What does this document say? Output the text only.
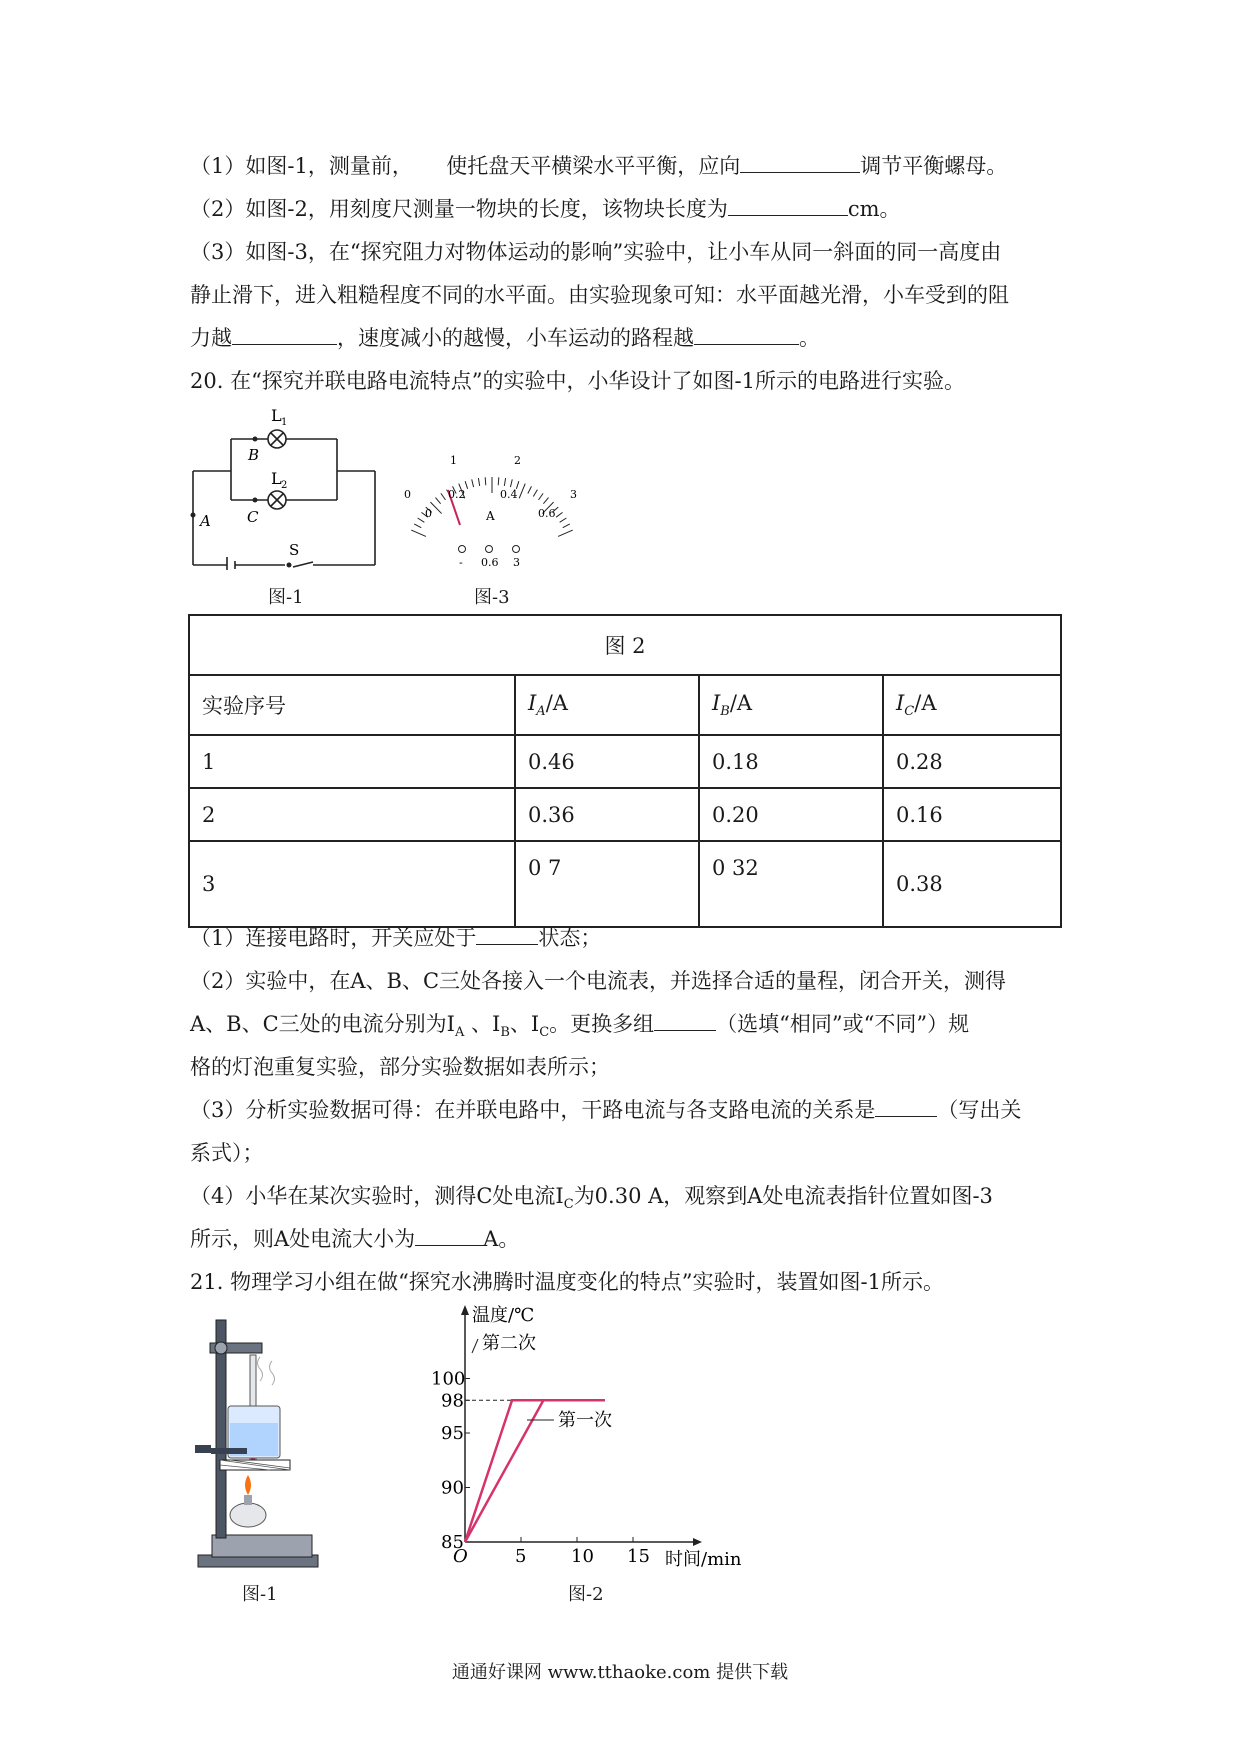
（1）如图-1，测量前， 使托盘天平横梁水平平衡，应向	调节平衡螺母。
（2）如图-2，用刻度尺测量一物块的长度，该物块长度为	cm。
（3）如图-3，在“探究阻力对物体运动的影响”实验中，让小车从同一斜面的同一高度由
静止滑下，进入粗糙程度不同的水平面。由实验现象可知：水平面越光滑，小车受到的阻
力越	，速度减小的越慢，小车运动的路程越	。
20. 在“探究并联电路电流特点”的实验中，小华设计了如图-1所示的电路进行实验。
L 1
L 2
B
C
A
S
图-1
1	2
0.2	0.4
0	3
0	0.6
A
- 0.6 3
图-3
图 2			
实验序号	$I_A/A$	$I_B/A$	$I_C/A$
1	0.46	0.18	0.28
2	0.36	0.20	0.16
3	0 7	0 32	0.38
（1）连接电路时，开关应处于	状态；
（2）实验中，在A、B、C三处各接入一个电流表，并选择合适的量程，闭合开关，测得
A、B、C三处的电流分别为$I_A$ 、$I_B$、$I_C$。更换多组	（选填“相同”或“不同”）规
格的灯泡重复实验，部分实验数据如表所示；
（3）分析实验数据可得：在并联电路中，干路电流与各支路电流的关系是	（写出关
系式）；
（4）小华在某次实验时，测得C处电流$I_C$为0.30 A，观察到A处电流表指针位置如图-3
所示，则A处电流大小为	A。
21. 物理学习小组在做“探究水沸腾时温度变化的特点”实验时，装置如图-1所示。
图-1
温度/℃
时间/min
O	5 10 15
85
90
95
98
100
第二次
第一次
图-2
通通好课网 www.tthaoke.com 提供下载
